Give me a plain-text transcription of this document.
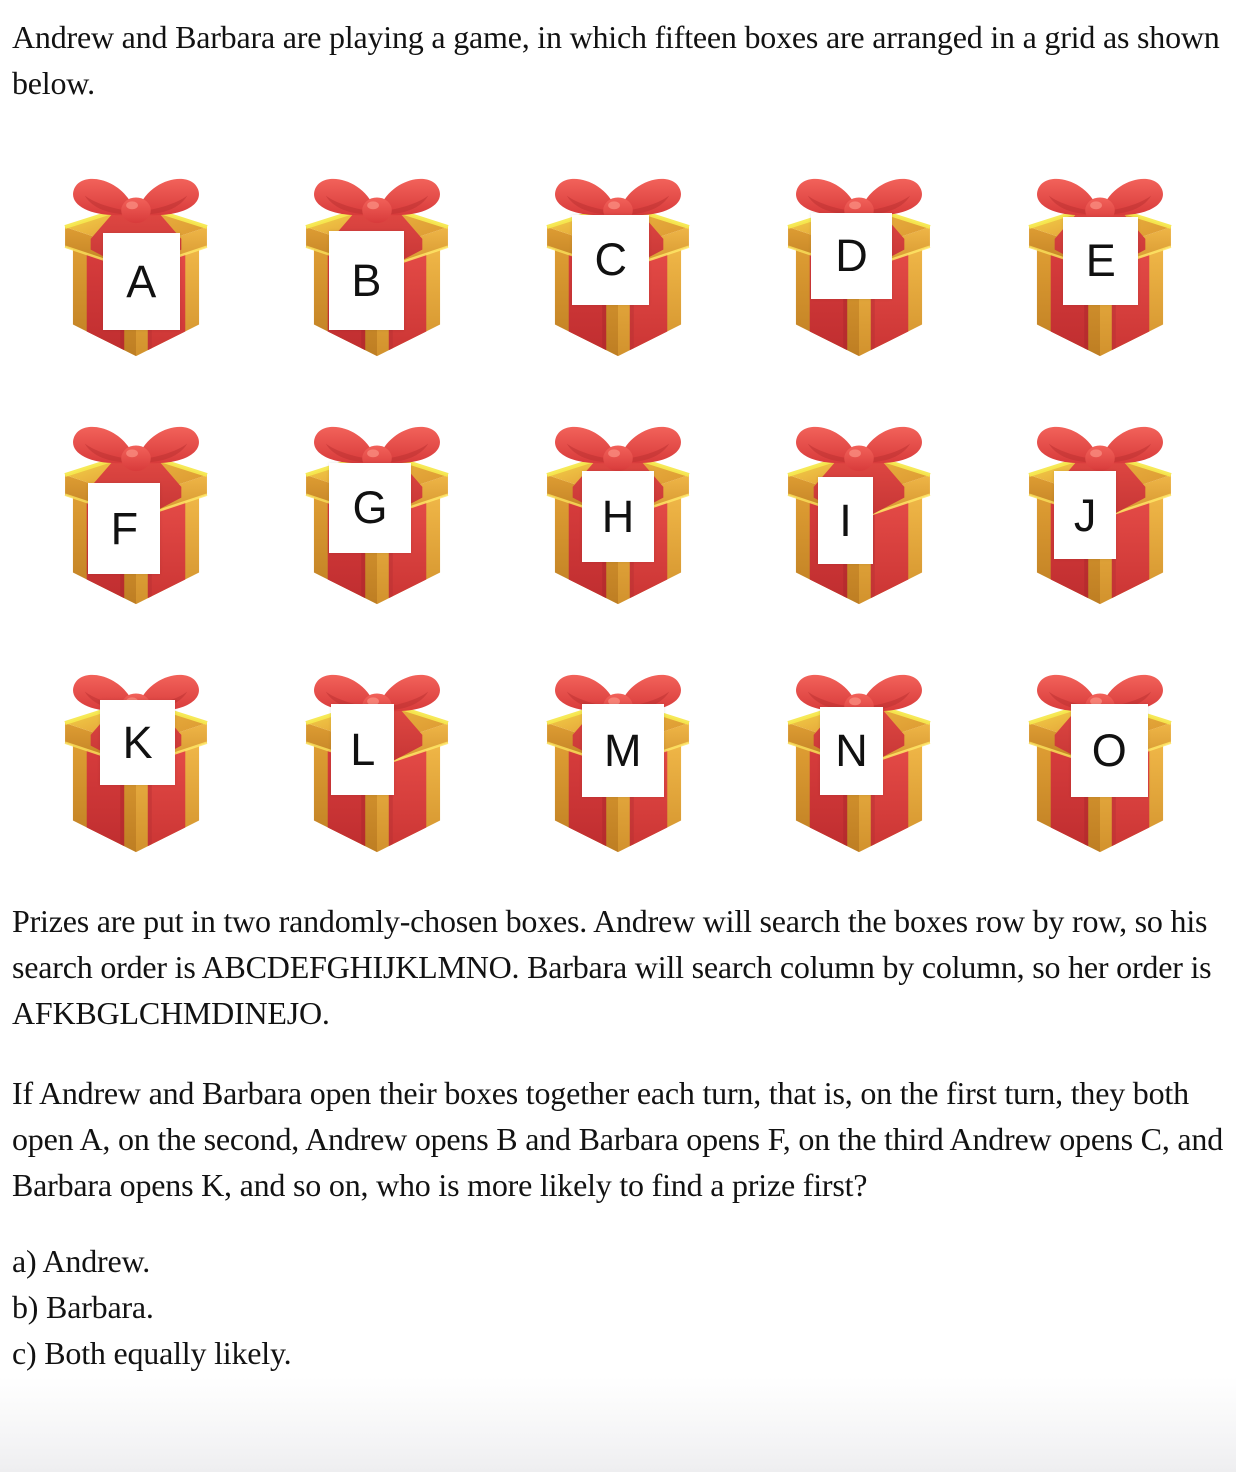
Andrew and Barbara are playing a game, in which fifteen boxes are arranged in a grid as shown below.

A	B	C	D	E
F	G	H	I	J
K	L	M	N	O

Prizes are put in two randomly-chosen boxes. Andrew will search the boxes row by row, so his search order is ABCDEFGHIJKLMNO. Barbara will search column by column, so her order is AFKBGLCHMDINEJO.

If Andrew and Barbara open their boxes together each turn, that is, on the first turn, they both open A, on the second, Andrew opens B and Barbara opens F, on the third Andrew opens C, and Barbara opens K, and so on, who is more likely to find a prize first?

a) Andrew.

b) Barbara.

c) Both equally likely.
